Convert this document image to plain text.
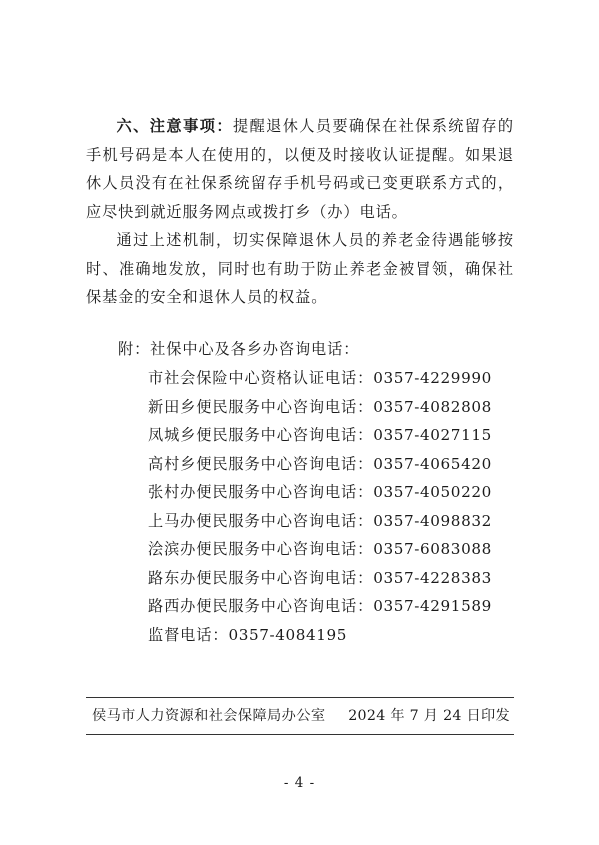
六、注意事项：提醒退休人员要确保在社保系统留存的手机号码是本人在使用的，以便及时接收认证提醒。如果退休人员没有在社保系统留存手机号码或已变更联系方式的，应尽快到就近服务网点或拨打乡（办）电话。

通过上述机制，切实保障退休人员的养老金待遇能够按时、准确地发放，同时也有助于防止养老金被冒领，确保社保基金的安全和退休人员的权益。

附：社保中心及各乡办咨询电话：

市社会保险中心资格认证电话：0357-4229990
新田乡便民服务中心咨询电话：0357-4082808
凤城乡便民服务中心咨询电话：0357-4027115
高村乡便民服务中心咨询电话：0357-4065420
张村办便民服务中心咨询电话：0357-4050220
上马办便民服务中心咨询电话：0357-4098832
浍滨办便民服务中心咨询电话：0357-6083088
路东办便民服务中心咨询电话：0357-4228383
路西办便民服务中心咨询电话：0357-4291589
监督电话：0357-4084195
侯马市人力资源和社会保障局办公室 2024 年 7 月 24 日印发
- 4 -
